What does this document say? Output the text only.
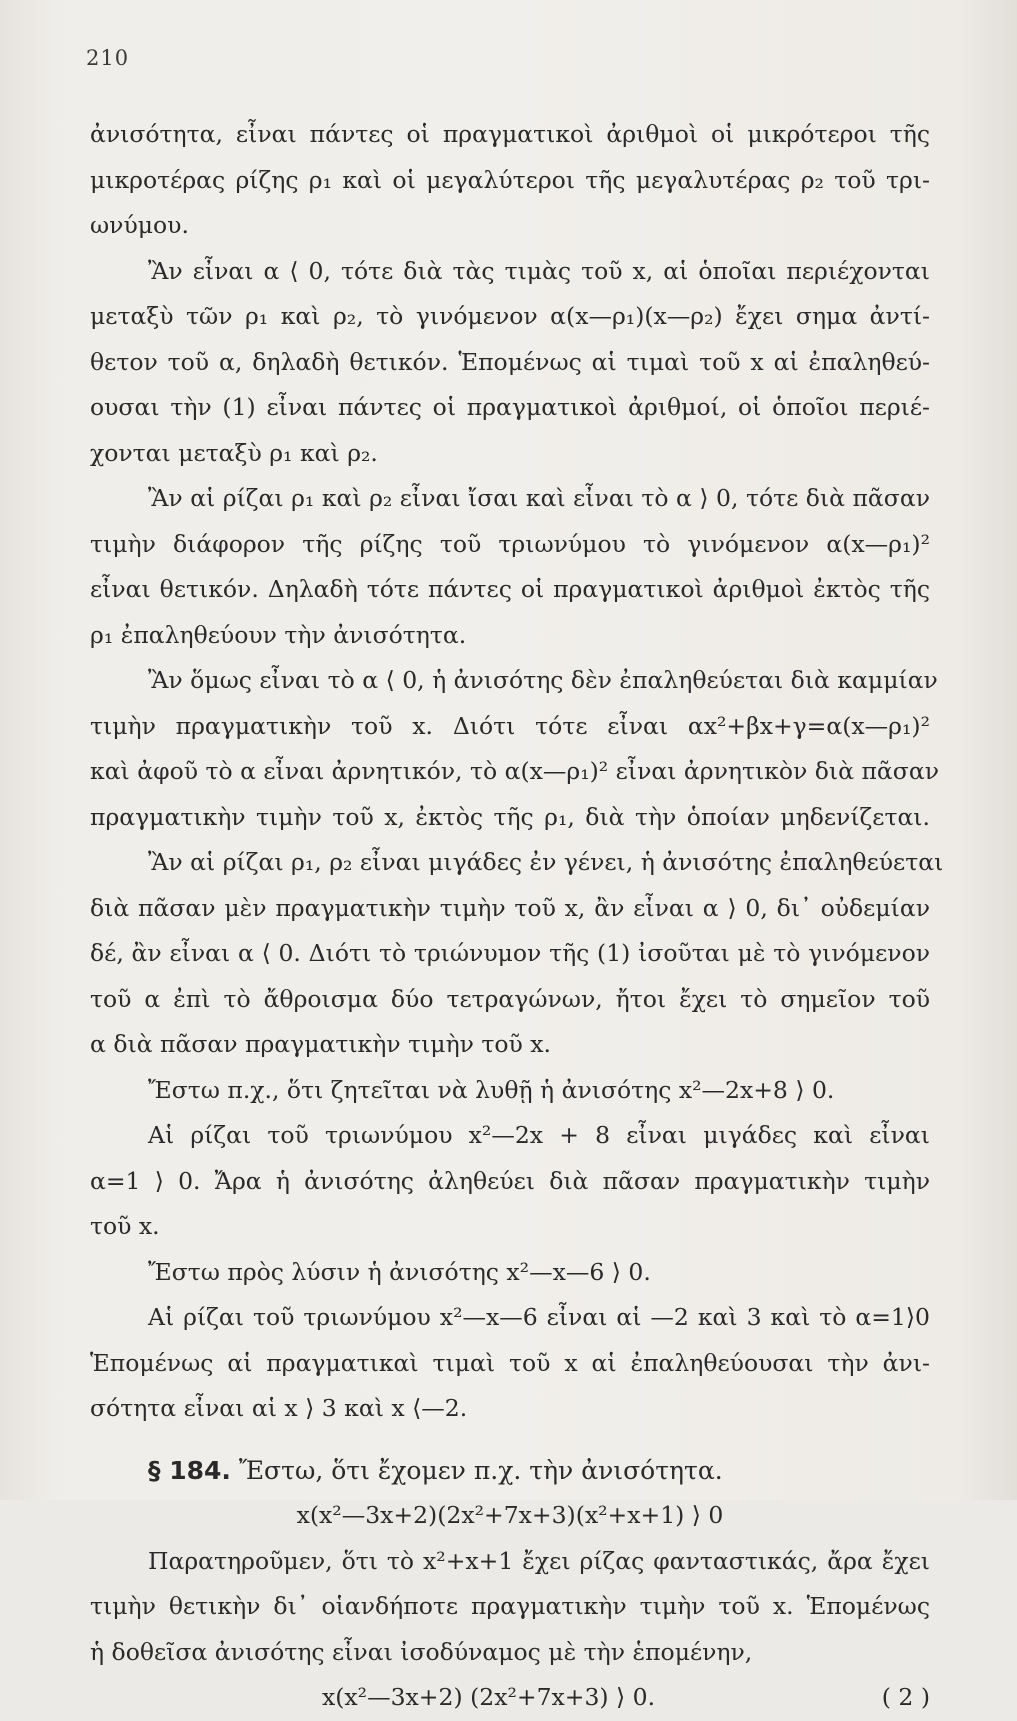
210
ἀνισότητα, εἶναι πάντες οἱ πραγματικοὶ ἀριθμοὶ οἱ μικρότεροι τῆς
μικροτέρας ρίζης ρ₁ καὶ οἱ μεγαλύτεροι τῆς μεγαλυτέρας ρ₂ τοῦ τρι-
ωνύμου.
Ἂν εἶναι α ⟨ 0, τότε διὰ τὰς τιμὰς τοῦ x, αἱ ὁποῖαι περιέχονται
μεταξὺ τῶν ρ₁ καὶ ρ₂, τὸ γινόμενον α(x—ρ₁)(x—ρ₂) ἔχει σημα ἀντί-
θετον τοῦ α, δηλαδὴ θετικόν. Ἑπομένως αἱ τιμαὶ τοῦ x αἱ ἐπαληθεύ-
ουσαι τὴν (1) εἶναι πάντες οἱ πραγματικοὶ ἀριθμοί, οἱ ὁποῖοι περιέ-
χονται μεταξὺ ρ₁ καὶ ρ₂.
Ἂν αἱ ρίζαι ρ₁ καὶ ρ₂ εἶναι ἴσαι καὶ εἶναι τὸ α ⟩ 0, τότε διὰ πᾶσαν
τιμὴν διάφορον τῆς ρίζης τοῦ τριωνύμου τὸ γινόμενον α(x—ρ₁)²
εἶναι θετικόν. Δηλαδὴ τότε πάντες οἱ πραγματικοὶ ἀριθμοὶ ἐκτὸς τῆς
ρ₁ ἐπαληθεύουν τὴν ἀνισότητα.
Ἂν ὅμως εἶναι τὸ α ⟨ 0, ἡ ἀνισότης δὲν ἐπαληθεύεται διὰ καμμίαν
τιμὴν πραγματικὴν τοῦ x. Διότι τότε εἶναι αx²+βx+γ=α(x—ρ₁)²
καὶ ἀφοῦ τὸ α εἶναι ἀρνητικόν, τὸ α(x—ρ₁)² εἶναι ἀρνητικὸν διὰ πᾶσαν
πραγματικὴν τιμὴν τοῦ x, ἐκτὸς τῆς ρ₁, διὰ τὴν ὁποίαν μηδενίζεται.
Ἂν αἱ ρίζαι ρ₁, ρ₂ εἶναι μιγάδες ἐν γένει, ἡ ἀνισότης ἐπαληθεύεται
διὰ πᾶσαν μὲν πραγματικὴν τιμὴν τοῦ x, ἂν εἶναι α ⟩ 0, δι᾽ οὐδεμίαν
δέ, ἂν εἶναι α ⟨ 0. Διότι τὸ τριώνυμον τῆς (1) ἰσοῦται μὲ τὸ γινόμενον
τοῦ α ἐπὶ τὸ ἄθροισμα δύο τετραγώνων, ἤτοι ἔχει τὸ σημεῖον τοῦ
α διὰ πᾶσαν πραγματικὴν τιμὴν τοῦ x.
Ἔστω π.χ., ὅτι ζητεῖται νὰ λυθῇ ἡ ἀνισότης x²—2x+8 ⟩ 0.
Αἱ ρίζαι τοῦ τριωνύμου x²—2x + 8 εἶναι μιγάδες καὶ εἶναι
α=1 ⟩ 0. Ἄρα ἡ ἀνισότης ἀληθεύει διὰ πᾶσαν πραγματικὴν τιμὴν
τοῦ x.
Ἔστω πρὸς λύσιν ἡ ἀνισότης x²—x—6 ⟩ 0.
Αἱ ρίζαι τοῦ τριωνύμου x²—x—6 εἶναι αἱ —2 καὶ 3 καὶ τὸ α=1⟩0
Ἑπομένως αἱ πραγματικαὶ τιμαὶ τοῦ x αἱ ἐπαληθεύουσαι τὴν ἀνι-
σότητα εἶναι αἱ x ⟩ 3 καὶ x ⟨—2.
§ 184. Ἔστω, ὅτι ἔχομεν π.χ. τὴν ἀνισότητα.
x(x²—3x+2)(2x²+7x+3)(x²+x+1) ⟩ 0
Παρατηροῦμεν, ὅτι τὸ x²+x+1 ἔχει ρίζας φανταστικάς, ἄρα ἔχει
τιμὴν θετικὴν δι᾽ οἱανδήποτε πραγματικὴν τιμὴν τοῦ x. Ἑπομένως
ἡ δοθεῖσα ἀνισότης εἶναι ἰσοδύναμος μὲ τὴν ἑπομένην,
x(x²—3x+2) (2x²+7x+3) ⟩ 0.	( 2 )
